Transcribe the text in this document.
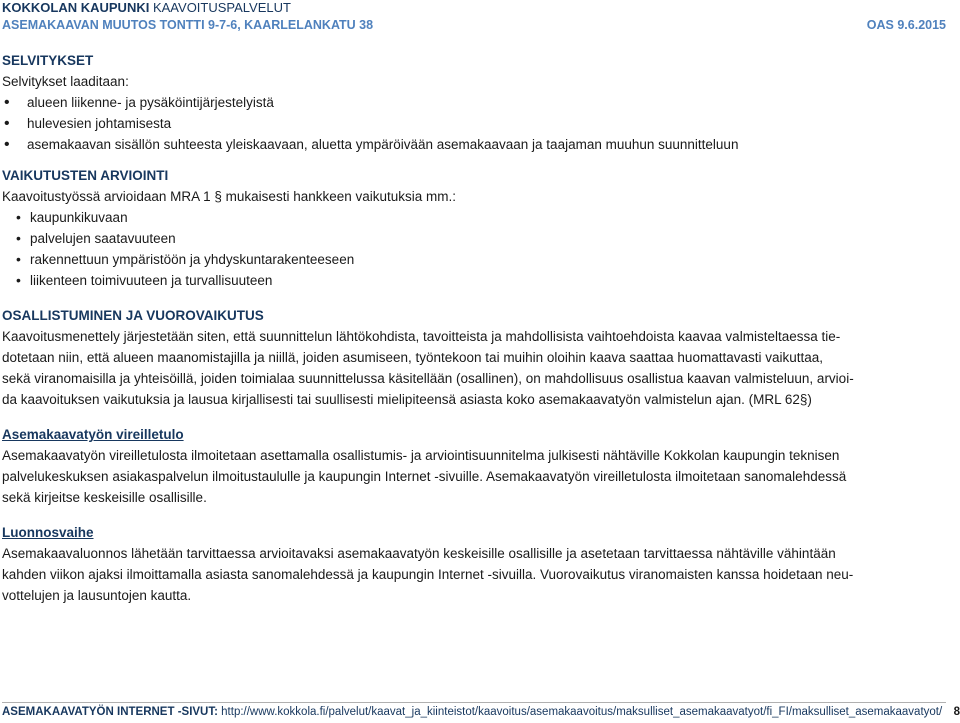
KOKKOLAN KAUPUNKI KAAVOITUSPALVELUT
ASEMAKAAVAN MUUTOS TONTTI 9-7-6, KAARLELANKATU 38	OAS 9.6.2015
SELVITYKSET
Selvitykset laaditaan:
• alueen liikenne- ja pysäköintijärjestelyistä
• hulevesien johtamisesta
• asemakaavan sisällön suhteesta yleiskaavaan, aluetta ympäröivään asemakaavaan ja taajaman muuhun suunnitteluun
VAIKUTUSTEN ARVIOINTI
Kaavoitustyössä arvioidaan MRA 1 § mukaisesti hankkeen vaikutuksia mm.:
• kaupunkikuvaan
• palvelujen saatavuuteen
• rakennettuun ympäristöön ja yhdyskuntarakenteeseen
• liikenteen toimivuuteen ja turvallisuuteen
OSALLISTUMINEN JA VUOROVAIKUTUS
Kaavoitusmenettely järjestetään siten, että suunnittelun lähtökohdista, tavoitteista ja mahdollisista vaihtoehdoista kaavaa valmisteltaessa tie-
dotetaan niin, että alueen maanomistajilla ja niillä, joiden asumiseen, työntekoon tai muihin oloihin kaava saattaa huomattavasti vaikuttaa,
sekä viranomaisilla ja yhteisöillä, joiden toimialaa suunnittelussa käsitellään (osallinen), on mahdollisuus osallistua kaavan valmisteluun, arvioi-
da kaavoituksen vaikutuksia ja lausua kirjallisesti tai suullisesti mielipiteensä asiasta koko asemakaavatyön valmistelun ajan. (MRL 62§)
Asemakaavatyön vireilletulo
Asemakaavatyön vireilletulosta ilmoitetaan asettamalla osallistumis- ja arviointisuunnitelma julkisesti nähtäville Kokkolan kaupungin teknisen
palvelukeskuksen asiakaspalvelun ilmoitustaululle ja kaupungin Internet -sivuille. Asemakaavatyön vireilletulosta ilmoitetaan sanomalehdessä
sekä kirjeitse keskeisille osallisille.
Luonnosvaihe
Asemakaavaluonnos lähetään tarvittaessa arvioitavaksi asemakaavatyön keskeisille osallisille ja asetetaan tarvittaessa nähtäville vähintään
kahden viikon ajaksi ilmoittamalla asiasta sanomalehdessä ja kaupungin Internet -sivuilla. Vuorovaikutus viranomaisten kanssa hoidetaan neu-
vottelujen ja lausuntojen kautta.
ASEMAKAAVATYÖN INTERNET -SIVUT: http://www.kokkola.fi/palvelut/kaavat_ja_kiinteistot/kaavoitus/asemakaavoitus/maksulliset_asemakaavatyot/fi_FI/maksulliset_asemakaavatyot/ 8
